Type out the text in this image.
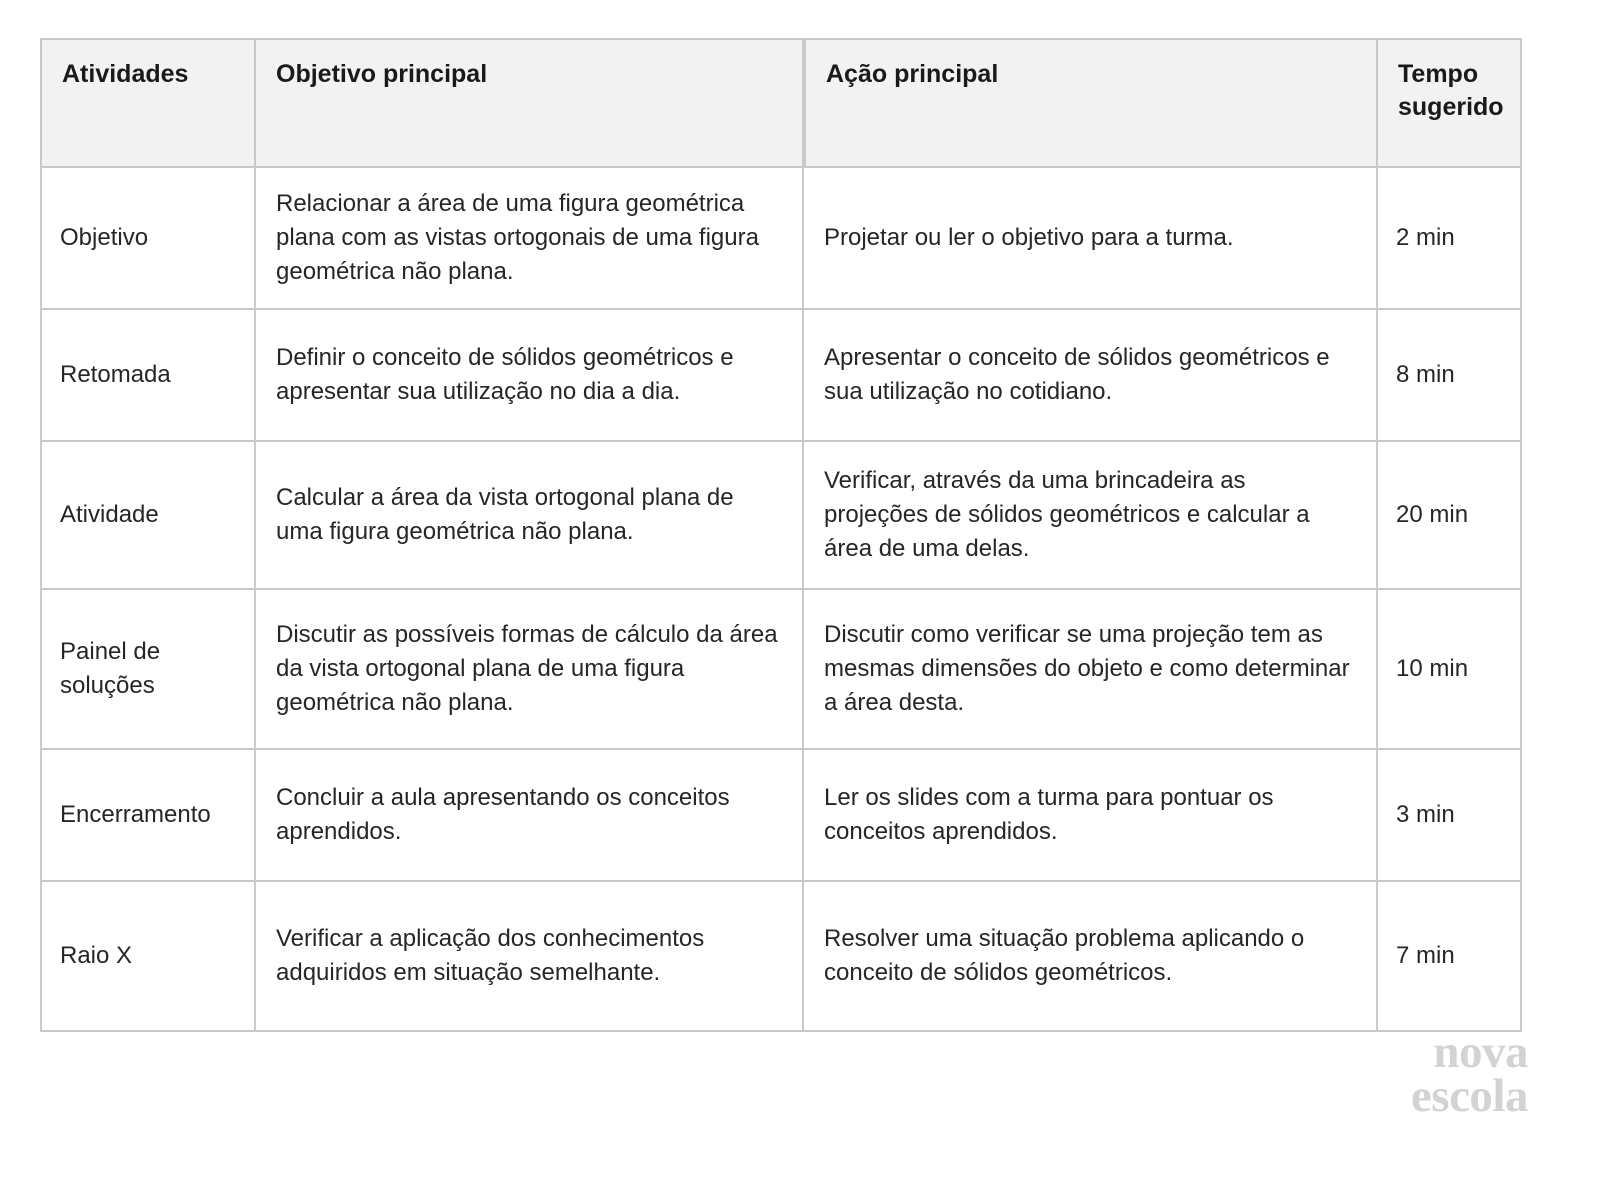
Atividades	Objetivo principal	Ação principal	Tempo sugerido
Objetivo	Relacionar a área de uma figura geométrica plana com as vistas ortogonais de uma figura geométrica não plana.	Projetar ou ler o objetivo para a turma.	2 min
Retomada	Definir o conceito de sólidos geométricos e apresentar sua utilização no dia a dia.	Apresentar o conceito de sólidos geométricos e sua utilização no cotidiano.	8 min
Atividade	Calcular a área da vista ortogonal plana de uma figura geométrica não plana.	Verificar, através da uma brincadeira as projeções de sólidos geométricos e calcular a área de uma delas.	20 min
Painel de soluções	Discutir as possíveis formas de cálculo da área da vista ortogonal plana de uma figura geométrica não plana.	Discutir como verificar se uma projeção tem as mesmas dimensões do objeto e como determinar a área desta.	10 min
Encerramento	Concluir a aula apresentando os conceitos aprendidos.	Ler os slides com a turma para pontuar os conceitos aprendidos.	3 min
Raio X	Verificar a aplicação dos conhecimentos adquiridos em situação semelhante.	Resolver uma situação problema aplicando o conceito de sólidos geométricos.	7 min
nova
escola
